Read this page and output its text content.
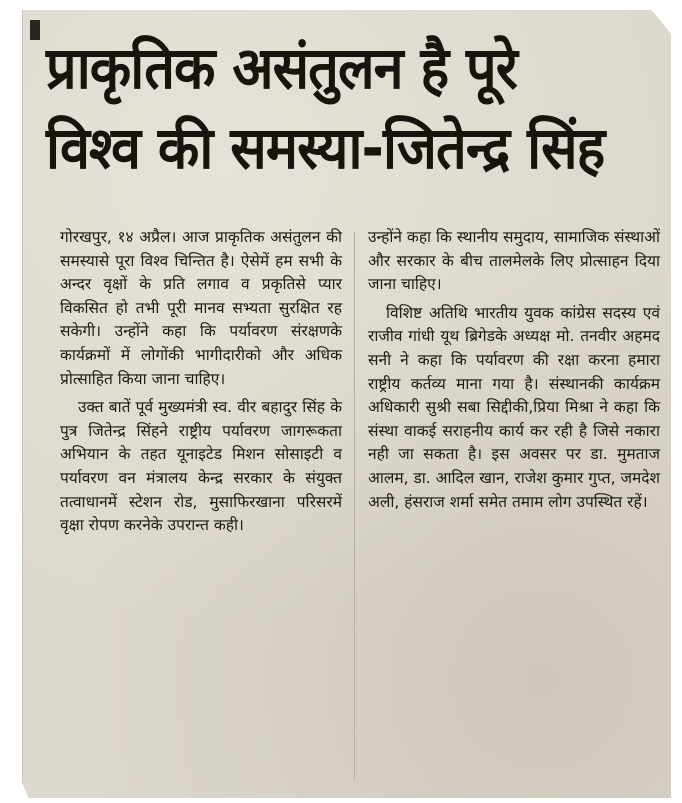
प्राकृतिक असंतुलन है पूरे
विश्व की समस्या-जितेन्द्र सिंह

गोरखपुर, १४ अप्रैल। आज प्राकृतिक असंतुलन की समस्यासे पूरा विश्व चिन्तित है। ऐसेमें हम सभी के अन्दर वृक्षों के प्रति लगाव व प्रकृतिसे प्यार विकसित हो तभी पूरी मानव सभ्यता सुरक्षित रह सकेगी। उन्होंने कहा कि पर्यावरण संरक्षणके कार्यक्रमों में लोगोंकी भागीदारीको और अधिक प्रोत्साहित किया जाना चाहिए।

उक्त बातें पूर्व मुख्यमंत्री स्व. वीर बहादुर सिंह के पुत्र जितेन्द्र सिंहने राष्ट्रीय पर्यावरण जागरूकता अभियान के तहत यूनाइटेड मिशन सोसाइटी व पर्यावरण वन मंत्रालय केन्द्र सरकार के संयुक्त तत्वाधानमें स्टेशन रोड, मुसाफिरखाना परिसरमें वृक्षा रोपण करनेके उपरान्त कही।

उन्होंने कहा कि स्थानीय समुदाय, सामाजिक संस्थाओं और सरकार के बीच तालमेलके लिए प्रोत्साहन दिया जाना चाहिए।

विशिष्ट अतिथि भारतीय युवक कांग्रेस सदस्य एवं राजीव गांधी यूथ ब्रिगेडके अध्यक्ष मो. तनवीर अहमद सनी ने कहा कि पर्यावरण की रक्षा करना हमारा राष्ट्रीय कर्तव्य माना गया है। संस्थानकी कार्यक्रम अधिकारी सुश्री सबा सिद्दीकी,प्रिया मिश्रा ने कहा कि संस्था वाकई सराहनीय कार्य कर रही है जिसे नकारा नही जा सकता है। इस अवसर पर डा. मुमताज आलम, डा. आदिल खान, राजेश कुमार गुप्त, जमदेश अली, हंसराज शर्मा समेत तमाम लोग उपस्थित रहें।
